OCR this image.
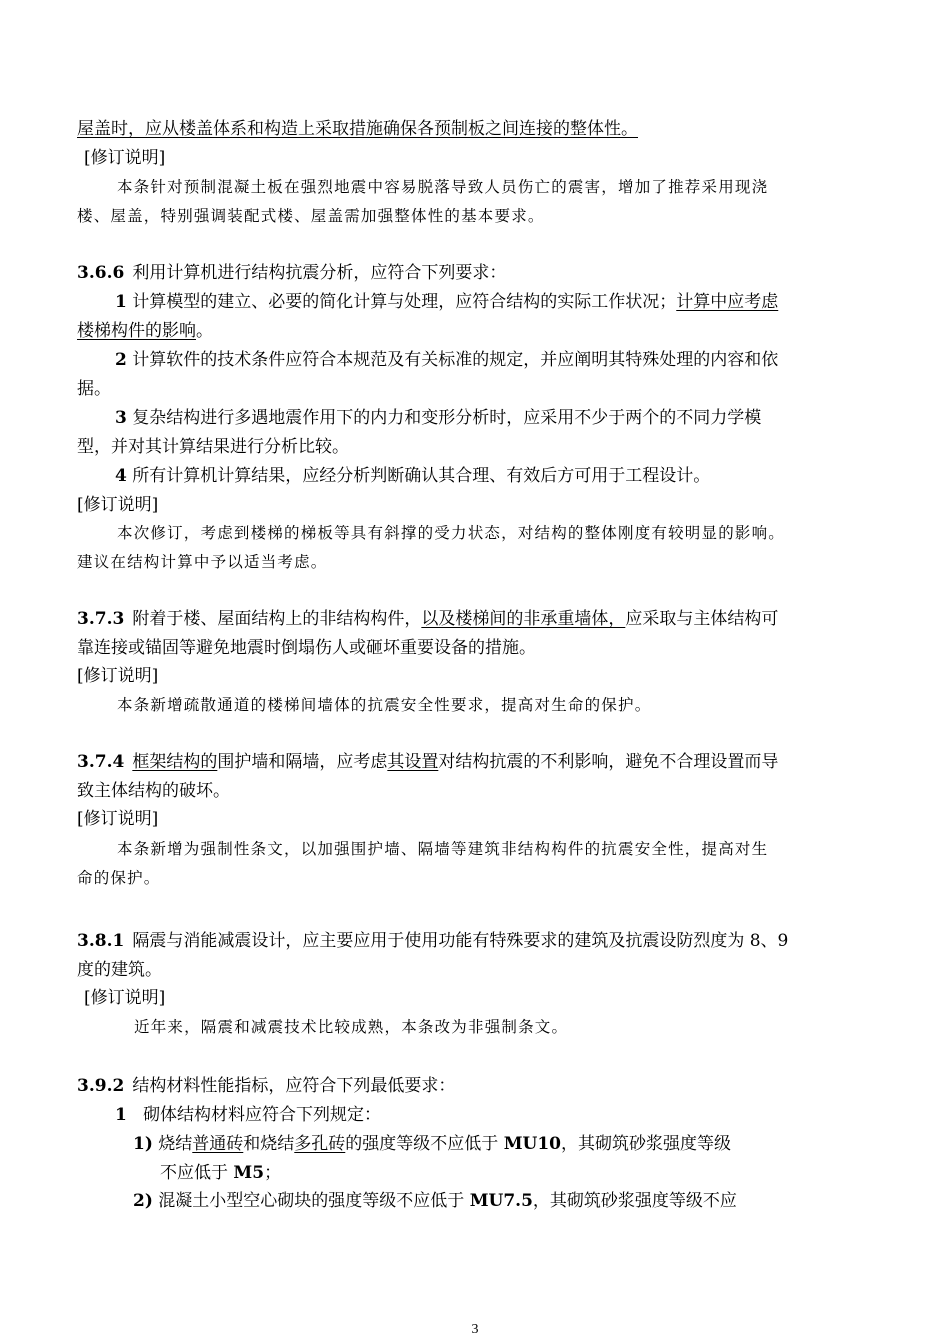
屋盖时，应从楼盖体系和构造上采取措施确保各预制板之间连接的整体性。
[修订说明]
本条针对预制混凝土板在强烈地震中容易脱落导致人员伤亡的震害，增加了推荐采用现浇
楼、屋盖，特别强调装配式楼、屋盖需加强整体性的基本要求。
3.6.6 利用计算机进行结构抗震分析，应符合下列要求：
1 计算模型的建立、必要的简化计算与处理，应符合结构的实际工作状况；计算中应考虑
楼梯构件的影响。
2 计算软件的技术条件应符合本规范及有关标准的规定，并应阐明其特殊处理的内容和依
据。
3 复杂结构进行多遇地震作用下的内力和变形分析时，应采用不少于两个的不同力学模
型，并对其计算结果进行分析比较。
4 所有计算机计算结果，应经分析判断确认其合理、有效后方可用于工程设计。
[修订说明]
本次修订，考虑到楼梯的梯板等具有斜撑的受力状态，对结构的整体刚度有较明显的影响。
建议在结构计算中予以适当考虑。
3.7.3 附着于楼、屋面结构上的非结构构件，以及楼梯间的非承重墙体，应采取与主体结构可
靠连接或锚固等避免地震时倒塌伤人或砸坏重要设备的措施。
[修订说明]
本条新增疏散通道的楼梯间墙体的抗震安全性要求，提高对生命的保护。
3.7.4 框架结构的围护墙和隔墙，应考虑其设置对结构抗震的不利影响，避免不合理设置而导
致主体结构的破坏。
[修订说明]
本条新增为强制性条文，以加强围护墙、隔墙等建筑非结构构件的抗震安全性，提高对生
命的保护。
3.8.1 隔震与消能减震设计，应主要应用于使用功能有特殊要求的建筑及抗震设防烈度为 8、9
度的建筑。
[修订说明]
近年来，隔震和减震技术比较成熟，本条改为非强制条文。
3.9.2 结构材料性能指标，应符合下列最低要求：
1 砌体结构材料应符合下列规定：
1) 烧结普通砖和烧结多孔砖的强度等级不应低于 MU10，其砌筑砂浆强度等级
不应低于 M5；
2) 混凝土小型空心砌块的强度等级不应低于 MU7.5，其砌筑砂浆强度等级不应
3
